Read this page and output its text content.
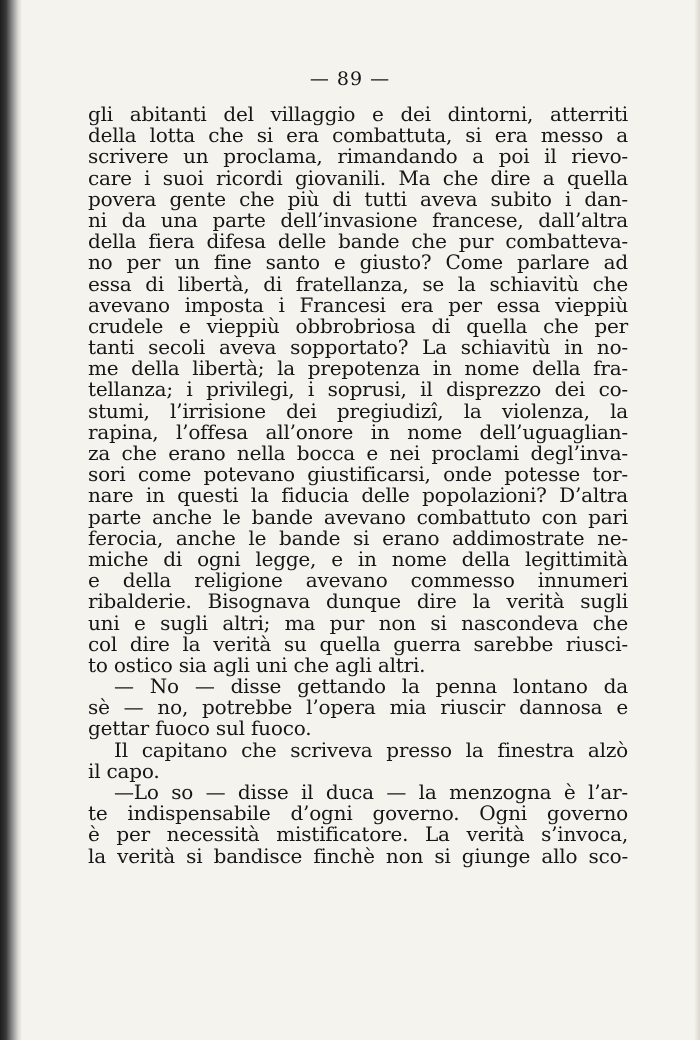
— 89 —
gli abitanti del villaggio e dei dintorni, atterriti
della lotta che si era combattuta, si era messo a
scrivere un proclama, rimandando a poi il rievo-
care i suoi ricordi giovanili. Ma che dire a quella
povera gente che più di tutti aveva subito i dan-
ni da una parte dell’invasione francese, dall’altra
della fiera difesa delle bande che pur combatteva-
no per un fine santo e giusto? Come parlare ad
essa di libertà, di fratellanza, se la schiavitù che
avevano imposta i Francesi era per essa vieppiù
crudele e vieppiù obbrobriosa di quella che per
tanti secoli aveva sopportato? La schiavitù in no-
me della libertà; la prepotenza in nome della fra-
tellanza; i privilegi, i soprusi, il disprezzo dei co-
stumi, l’irrisione dei pregiudizî, la violenza, la
rapina, l’offesa all’onore in nome dell’uguaglian-
za che erano nella bocca e nei proclami degl’inva-
sori come potevano giustificarsi, onde potesse tor-
nare in questi la fiducia delle popolazioni? D’altra
parte anche le bande avevano combattuto con pari
ferocia, anche le bande si erano addimostrate ne-
miche di ogni legge, e in nome della legittimità
e della religione avevano commesso innumeri
ribalderie. Bisognava dunque dire la verità sugli
uni e sugli altri; ma pur non si nascondeva che
col dire la verità su quella guerra sarebbe riusci-
to ostico sia agli uni che agli altri.
— No — disse gettando la penna lontano da
sè — no, potrebbe l’opera mia riuscir dannosa e
gettar fuoco sul fuoco.
Il capitano che scriveva presso la finestra alzò
il capo.
—Lo so — disse il duca — la menzogna è l’ar-
te indispensabile d’ogni governo. Ogni governo
è per necessità mistificatore. La verità s’invoca,
la verità si bandisce finchè non si giunge allo sco-
